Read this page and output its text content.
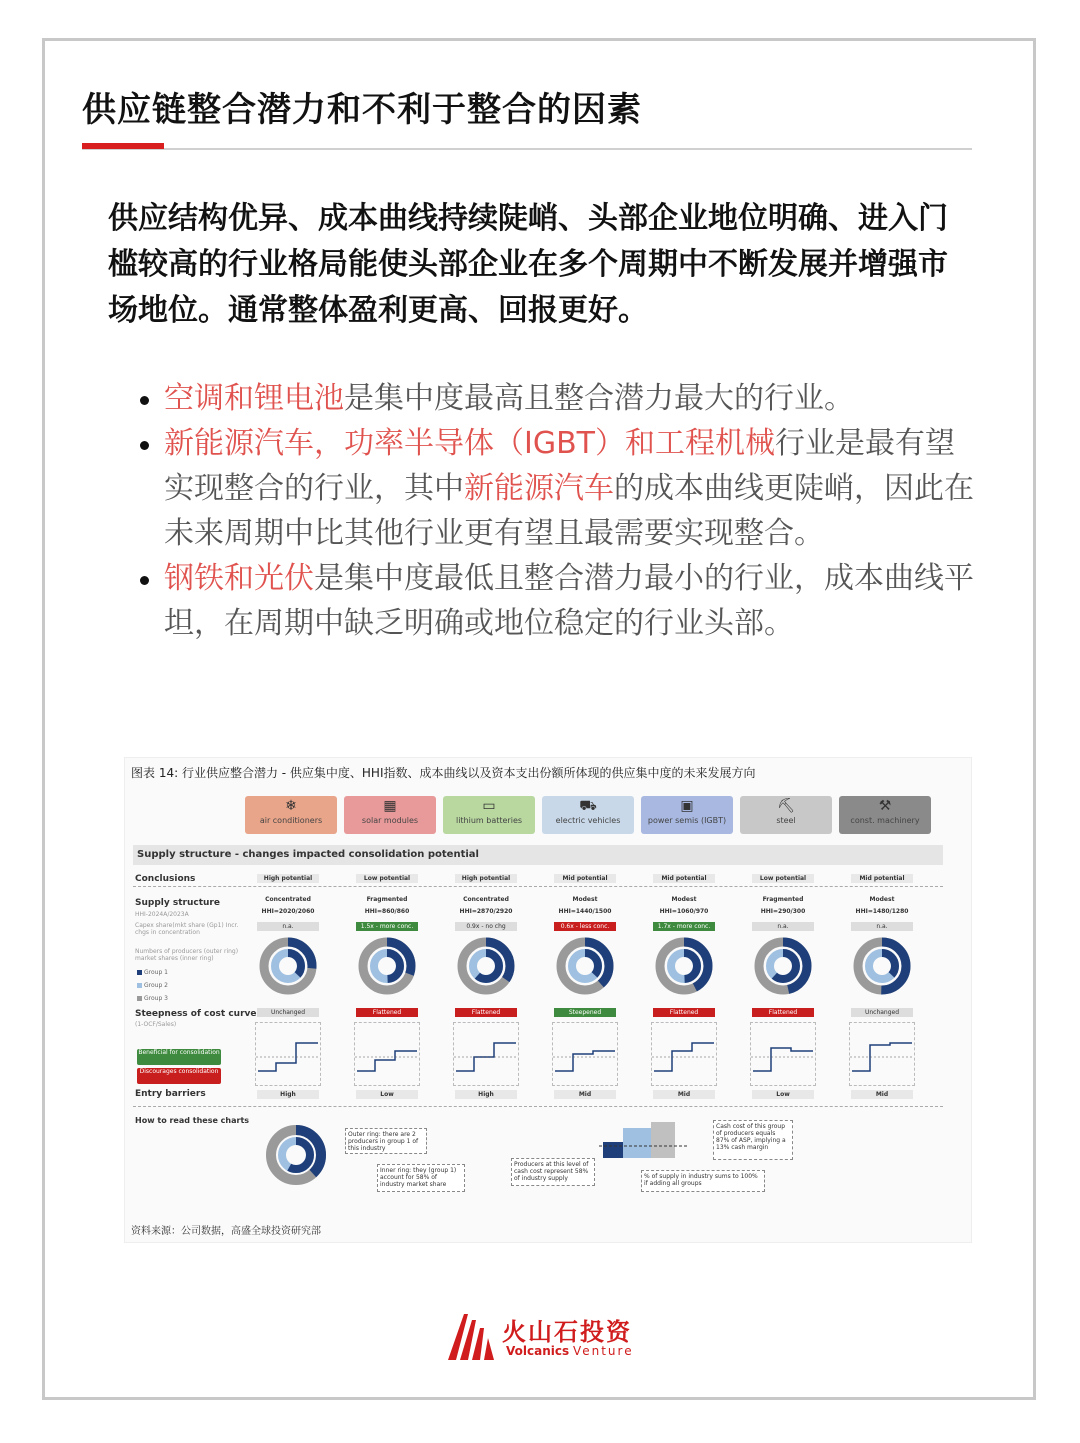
供应链整合潜力和不利于整合的因素
供应结构优异、成本曲线持续陡峭、头部企业地位明确、进入门槛较高的行业格局能使头部企业在多个周期中不断发展并增强市场地位。通常整体盈利更高、回报更好。
空调和锂电池是集中度最高且整合潜力最大的行业。
新能源汽车，功率半导体（IGBT）和工程机械行业是最有望实现整合的行业，其中新能源汽车的成本曲线更陡峭，因此在未来周期中比其他行业更有望且最需要实现整合。
钢铁和光伏是集中度最低且整合潜力最小的行业，成本曲线平坦，在周期中缺乏明确或地位稳定的行业头部。
图表 14: 行业供应整合潜力 - 供应集中度、HHI指数、成本曲线以及资本支出份额所体现的供应集中度的未来发展方向
❄
air conditioners
▦
solar modules
▭
lithium batteries
⛟
electric vehicles
▣
power semis (IGBT)
⛏
steel
⚒
const. machinery
Supply structure - changes impacted consolidation potential
Conclusions
Supply structure
HHI-2024A/2023A
Capex share(mkt share (Gp1) Incr. chgs in concentration
Numbers of producers (outer ring) market shares (inner ring)
Group 1
Group 2
Group 3
Steepness of cost curve
(1-OCF/Sales)
Beneficial for consolidation
Discourages consolidation
Entry barriers
High potential
Concentrated
HHI=2020/2060
n.a.
Unchanged
High
Low potential
Fragmented
HHI=860/860
1.5x - more conc.
Flattened
Low
High potential
Concentrated
HHI=2870/2920
0.9x - no chg
Flattened
High
Mid potential
Modest
HHI=1440/1500
0.6x - less conc.
Steepened
Mid
Mid potential
Modest
HHI=1060/970
1.7x - more conc.
Flattened
Mid
Low potential
Fragmented
HHI=290/300
n.a.
Flattened
Low
Mid potential
Modest
HHI=1480/1280
n.a.
Unchanged
Mid
How to read these charts
Outer ring: there are 2 producers in group 1 of this industry
Inner ring: they (group 1) account for 58% of industry market share
Producers at this level of cash cost represent 58% of industry supply
Cash cost of this group of producers equals 87% of ASP, implying a 13% cash margin
% of supply in industry sums to 100% if adding all groups
资料来源：公司数据，高盛全球投资研究部
火山石投资
Volcanics Venture
